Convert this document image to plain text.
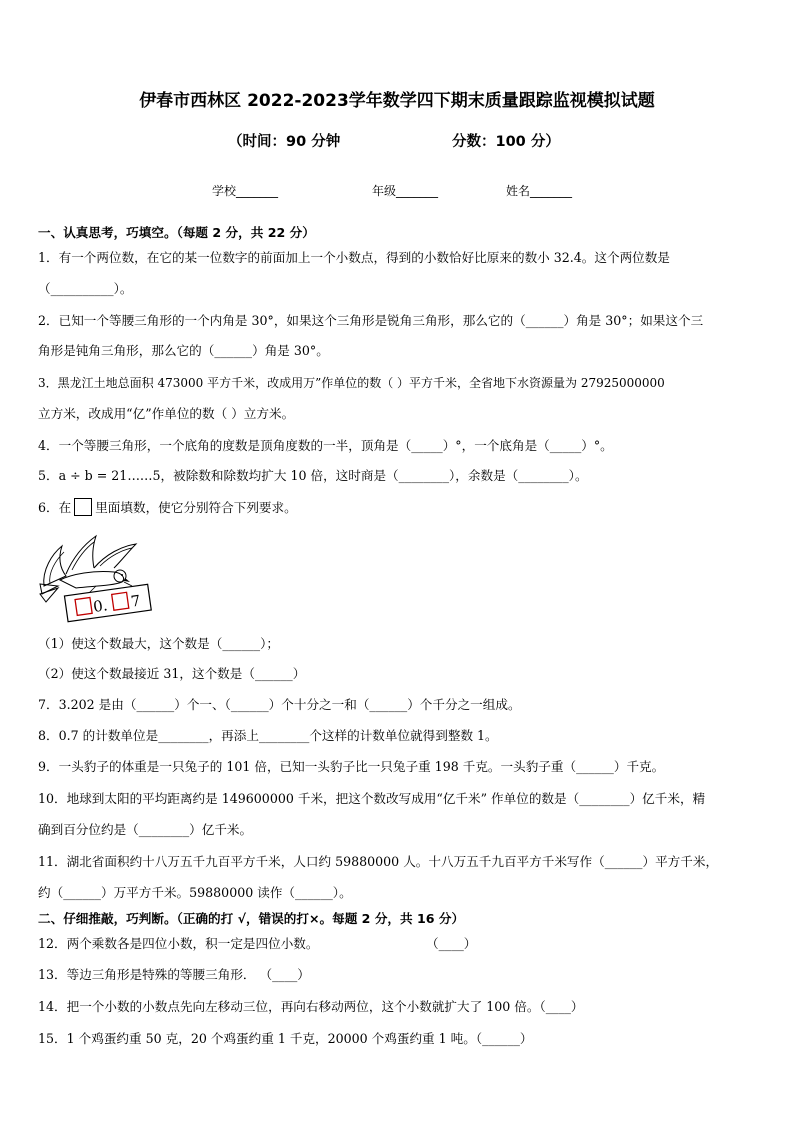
伊春市西林区 2022-2023学年数学四下期末质量跟踪监视模拟试题
（时间：90 分钟	分数：100 分）
学校_______	年级_______	姓名_______
一、认真思考，巧填空。（每题 2 分，共 22 分）
1．有一个两位数，在它的某一位数字的前面加上一个小数点，得到的小数恰好比原来的数小 32.4。这个两位数是
（__________）。
2．已知一个等腰三角形的一个内角是 30°，如果这个三角形是锐角三角形，那么它的（______）角是 30°；如果这个三
角形是钝角三角形，那么它的（______）角是 30°。
3．黑龙江土地总面积 473000 平方千米，改成用万”作单位的数（ ）平方千米，全省地下水资源量为 27925000000
立方米，改成用“亿”作单位的数（ ）立方米。
4．一个等腰三角形，一个底角的度数是顶角度数的一半，顶角是（_____）°，一个底角是（_____）°。
5．a ÷ b = 21……5，被除数和除数均扩大 10 倍，这时商是（________），余数是（________）。
6．在 里面填数，使它分别符合下列要求。
0. 7
（1）使这个数最大，这个数是（______）；
（2）使这个数最接近 31，这个数是（______）
7．3.202 是由（______）个一、（______）个十分之一和（______）个千分之一组成。
8．0.7 的计数单位是________，再添上________个这样的计数单位就得到整数 1。
9．一头豹子的体重是一只兔子的 101 倍，已知一头豹子比一只兔子重 198 千克。一头豹子重（______）千克。
10．地球到太阳的平均距离约是 149600000 千米，把这个数改写成用“亿千米” 作单位的数是（________）亿千米，精
确到百分位约是（________）亿千米。
11．湖北省面积约十八万五千九百平方千米，人口约 59880000 人。十八万五千九百平方千米写作（______）平方千米，
约（______）万平方千米。59880000 读作（______）。
二、仔细推敲，巧判断。（正确的打 √，错误的打×。每题 2 分，共 16 分）
12．两个乘数各是四位小数，积一定是四位小数。	（____）
13．等边三角形是特殊的等腰三角形． （____）
14．把一个小数的小数点先向左移动三位，再向右移动两位，这个小数就扩大了 100 倍。（____）
15．1 个鸡蛋约重 50 克，20 个鸡蛋约重 1 千克，20000 个鸡蛋约重 1 吨。（______）
